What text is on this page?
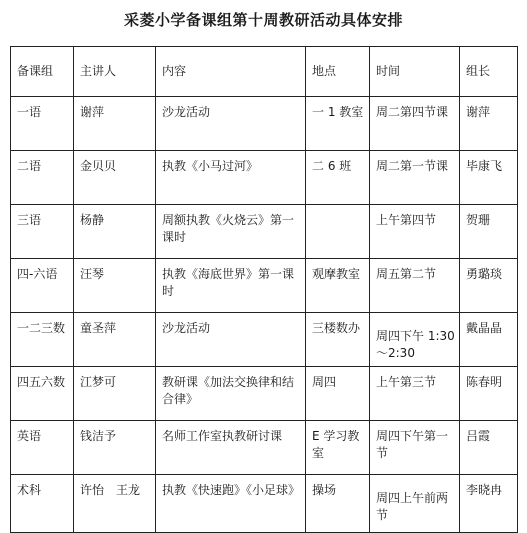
采菱小学备课组第十周教研活动具体安排
备课组	主讲人	内容	地点	时间	组长
一语	谢萍	沙龙活动	一 1 教室	周二第四节课	谢萍
二语	金贝贝	执教《小马过河》	二 6 班	周二第一节课	毕康飞
三语	杨静	周额执教《火烧云》第一课时		上午第四节	贺珊
四-六语	汪琴	执教《海底世界》第一课时	观摩教室	周五第二节	勇璐琰
一二三数	童圣萍	沙龙活动	三楼数办	周四下午 1:30～2:30	戴晶晶
四五六数	江梦可	教研课《加法交换律和结合律》	周四	上午第三节	陈春明
英语	钱洁予	名师工作室执教研讨课	E 学习教室	周四下午第一节	吕霞
术科	许怡　王龙	执教《快速跑》《小足球》	操场	周四上午前两节	李晓冉
